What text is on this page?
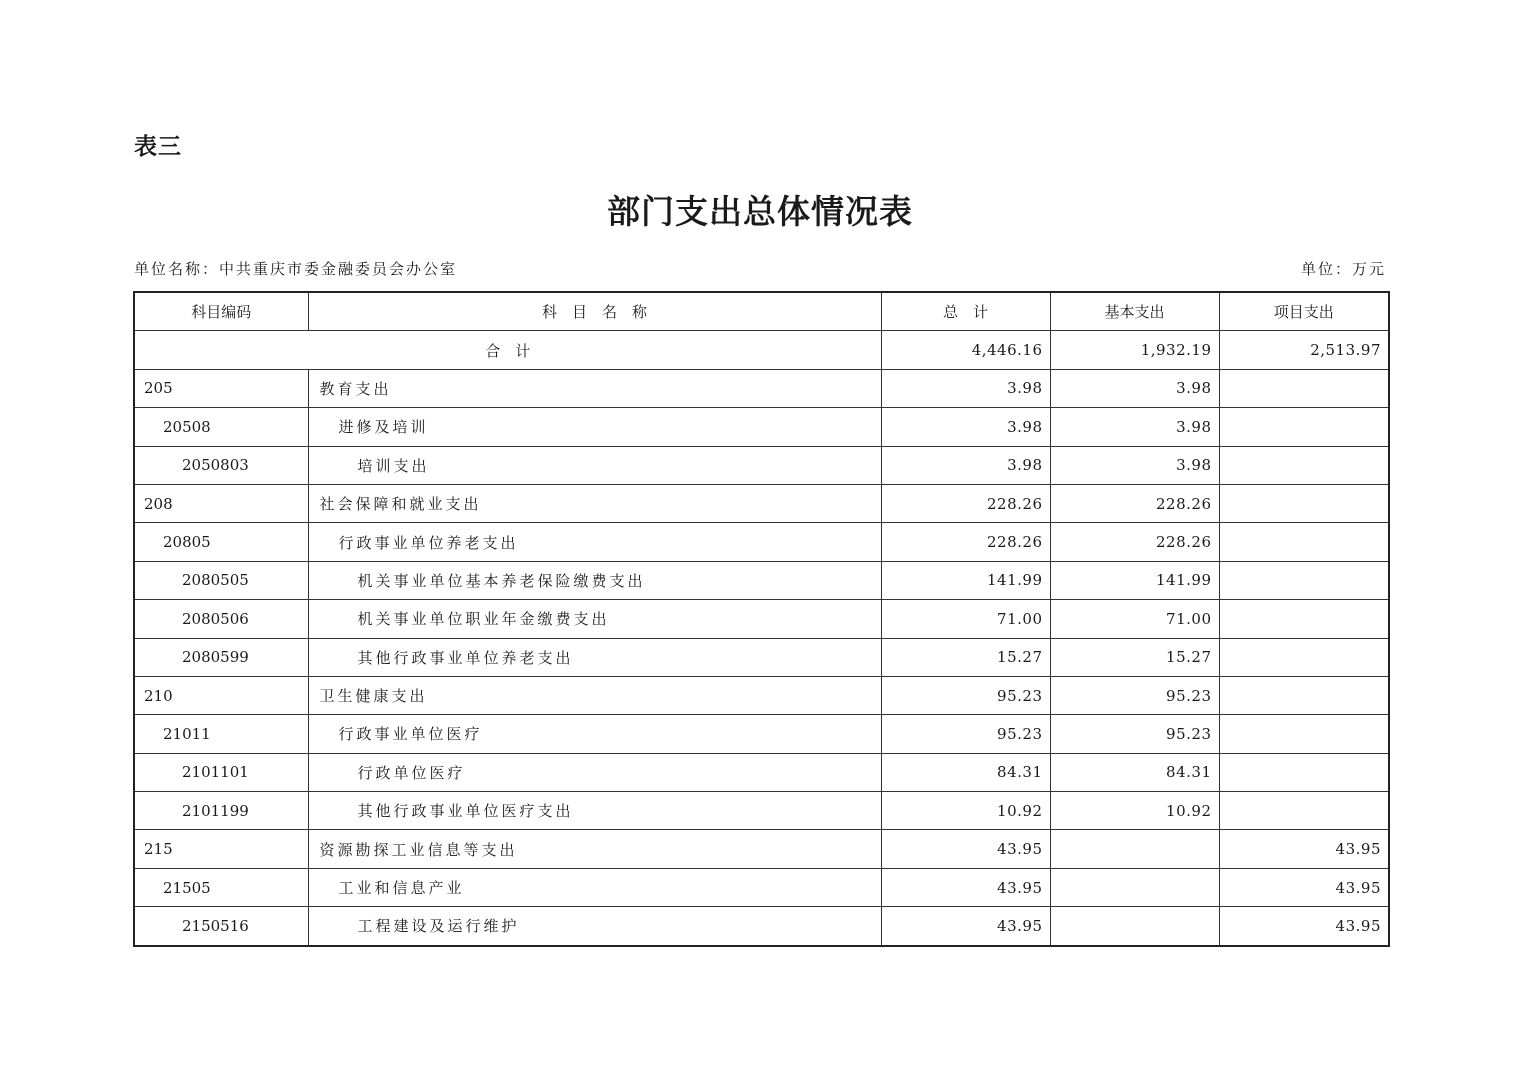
表三
部门支出总体情况表
单位名称：中共重庆市委金融委员会办公室	单位：万元
科目编码	科　目　名　称	总　计	基本支出	项目支出
合　计		4,446.16	1,932.19	2,513.97
205	教育支出	3.98	3.98	
20508	进修及培训	3.98	3.98	
2050803	培训支出	3.98	3.98	
208	社会保障和就业支出	228.26	228.26	
20805	行政事业单位养老支出	228.26	228.26	
2080505	机关事业单位基本养老保险缴费支出	141.99	141.99	
2080506	机关事业单位职业年金缴费支出	71.00	71.00	
2080599	其他行政事业单位养老支出	15.27	15.27	
210	卫生健康支出	95.23	95.23	
21011	行政事业单位医疗	95.23	95.23	
2101101	行政单位医疗	84.31	84.31	
2101199	其他行政事业单位医疗支出	10.92	10.92	
215	资源勘探工业信息等支出	43.95		43.95
21505	工业和信息产业	43.95		43.95
2150516	工程建设及运行维护	43.95		43.95
